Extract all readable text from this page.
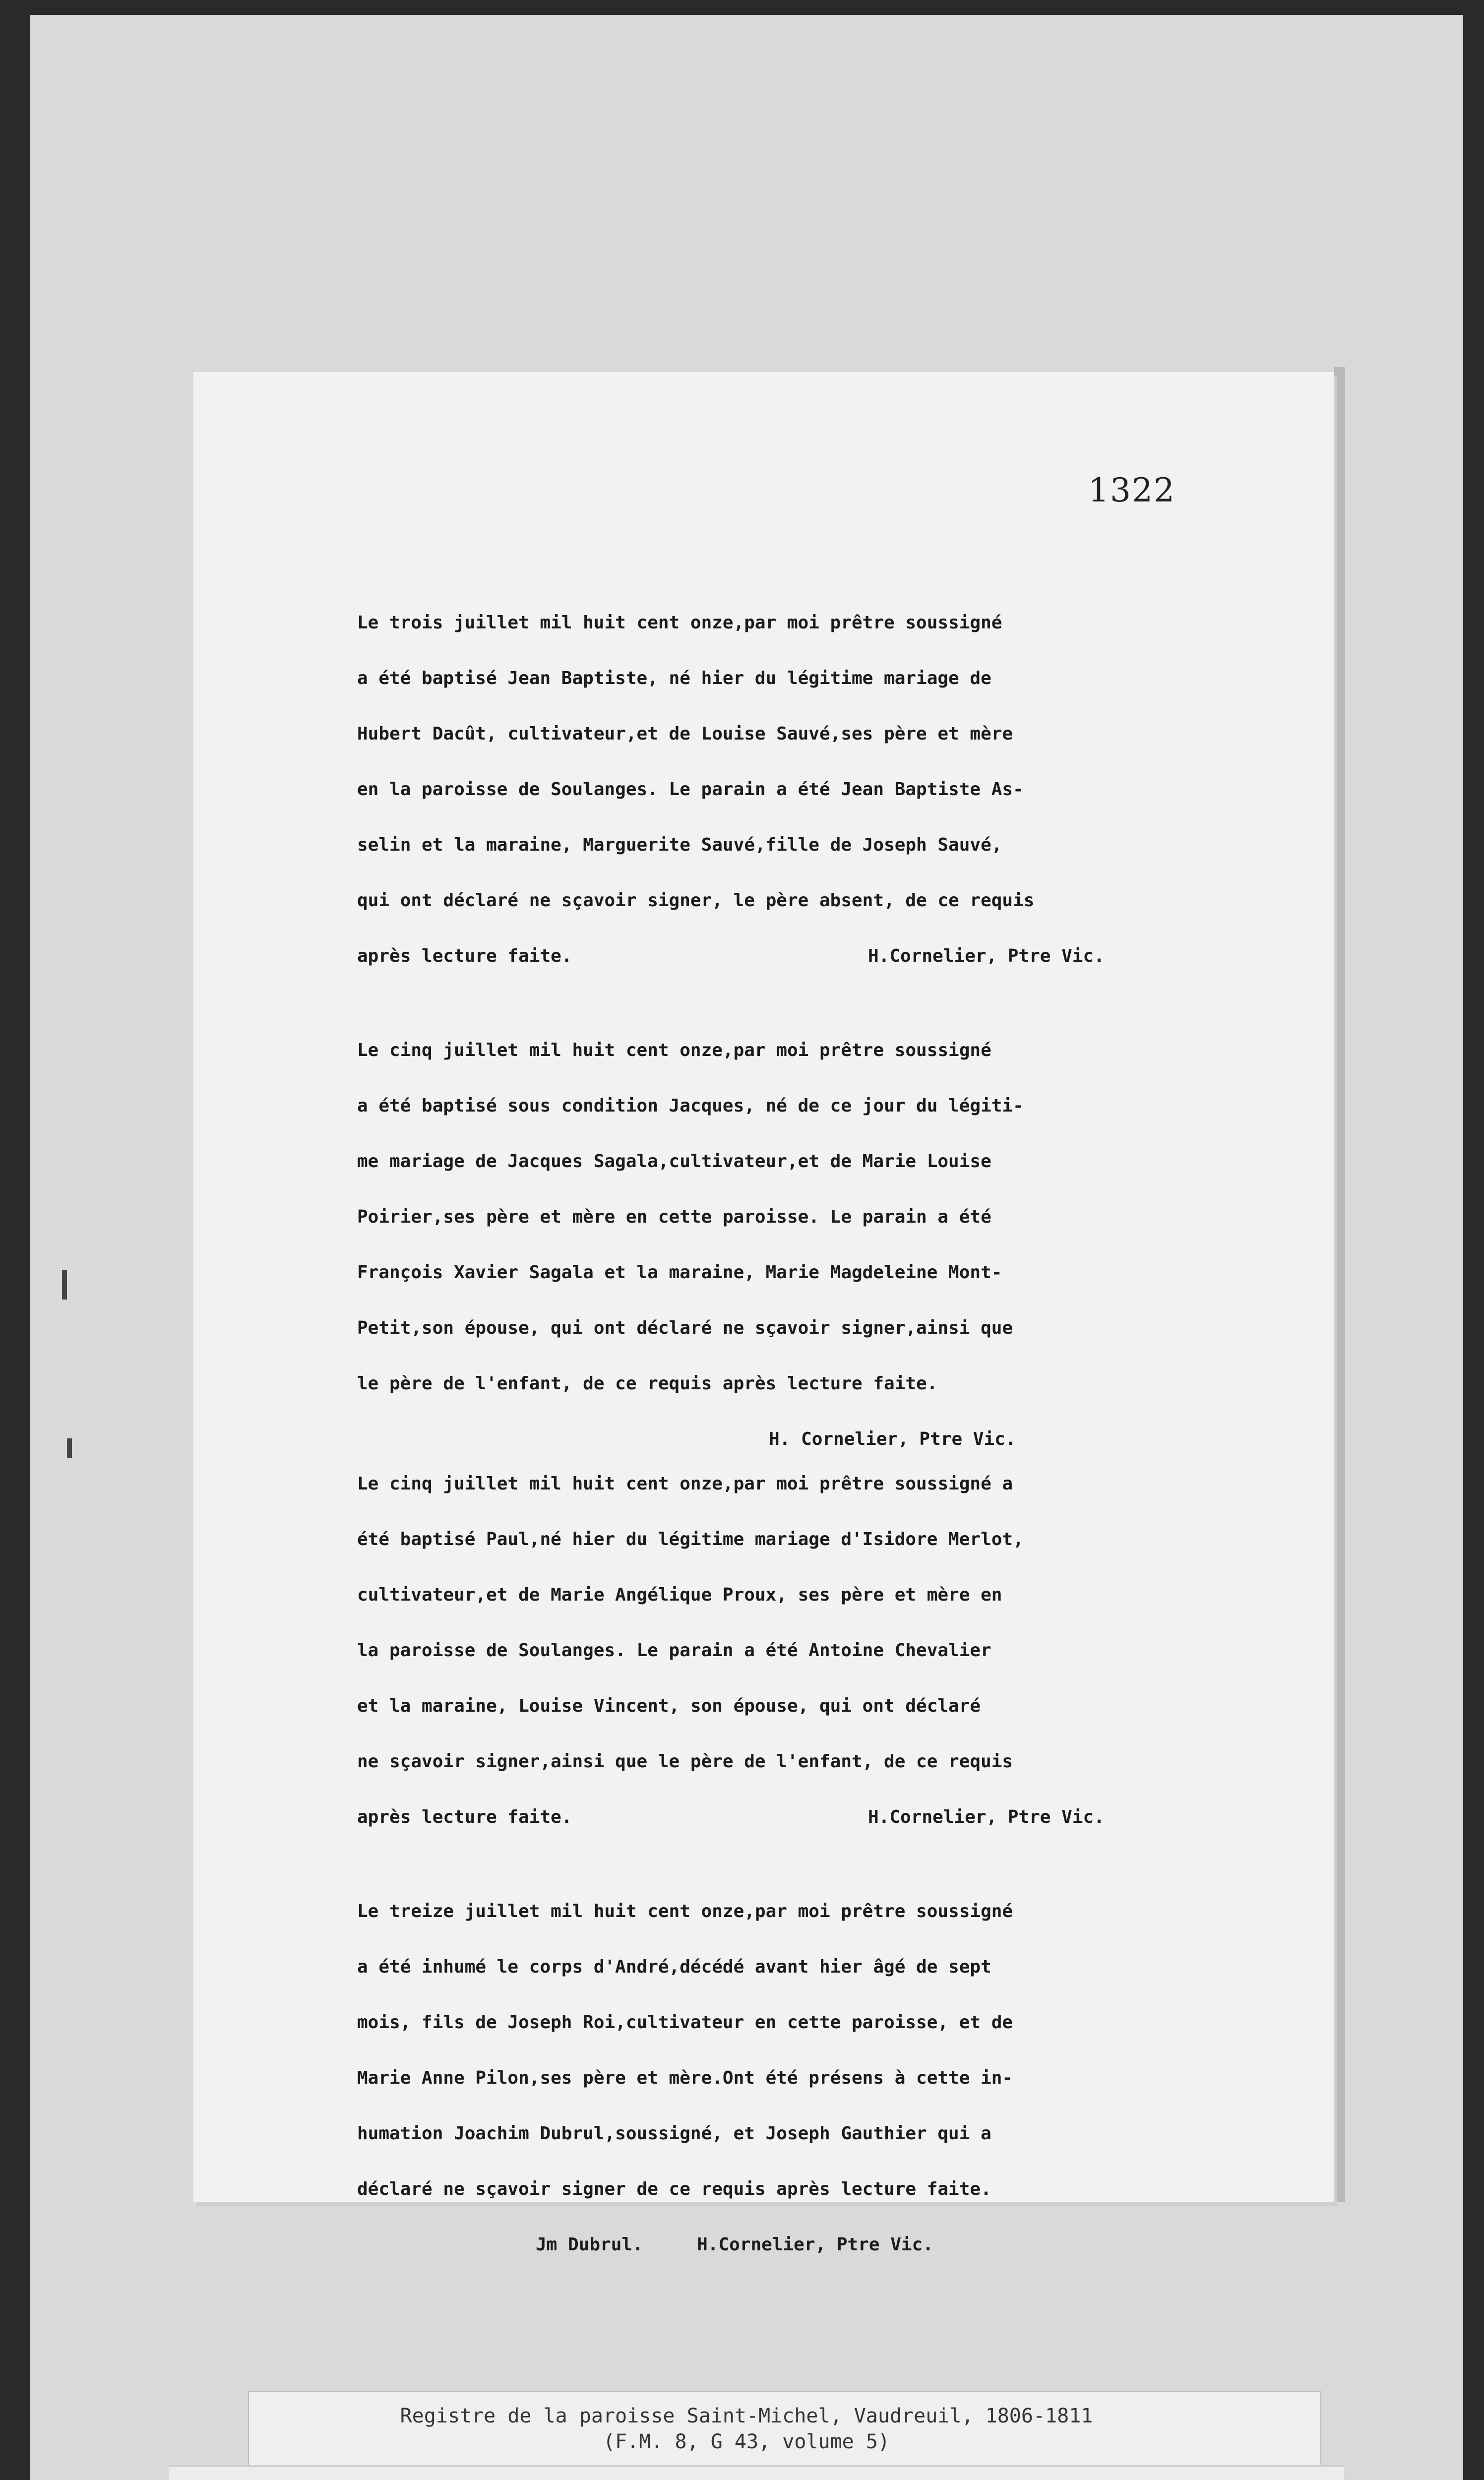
1322
Le trois juillet mil huit cent onze,par moi prêtre soussigné
a été baptisé Jean Baptiste, né hier du légitime mariage de
Hubert Dacût, cultivateur,et de Louise Sauvé,ses père et mère
en la paroisse de Soulanges. Le parain a été Jean Baptiste As-
selin et la maraine, Marguerite Sauvé,fille de Joseph Sauvé,
qui ont déclaré ne sçavoir signer, le père absent, de ce requis
après lecture faite.	H.Cornelier, Ptre Vic.
Le cinq juillet mil huit cent onze,par moi prêtre soussigné
a été baptisé sous condition Jacques, né de ce jour du légiti-
me mariage de Jacques Sagala,cultivateur,et de Marie Louise
Poirier,ses père et mère en cette paroisse. Le parain a été
François Xavier Sagala et la maraine, Marie Magdeleine Mont-
Petit,son épouse, qui ont déclaré ne sçavoir signer,ainsi que
le père de l'enfant, de ce requis après lecture faite.
H. Cornelier, Ptre Vic.
Le cinq juillet mil huit cent onze,par moi prêtre soussigné a
été baptisé Paul,né hier du légitime mariage d'Isidore Merlot,
cultivateur,et de Marie Angélique Proux, ses père et mère en
la paroisse de Soulanges. Le parain a été Antoine Chevalier
et la maraine, Louise Vincent, son épouse, qui ont déclaré
ne sçavoir signer,ainsi que le père de l'enfant, de ce requis
après lecture faite.	H.Cornelier, Ptre Vic.
Le treize juillet mil huit cent onze,par moi prêtre soussigné
a été inhumé le corps d'André,décédé avant hier âgé de sept
mois, fils de Joseph Roi,cultivateur en cette paroisse, et de
Marie Anne Pilon,ses père et mère.Ont été présens à cette in-
humation Joachim Dubrul,soussigné, et Joseph Gauthier qui a
déclaré ne sçavoir signer de ce requis après lecture faite.
Jm Dubrul.     H.Cornelier, Ptre Vic.
Registre de la paroisse Saint-Michel, Vaudreuil, 1806-1811
(F.M. 8, G 43, volume 5)
